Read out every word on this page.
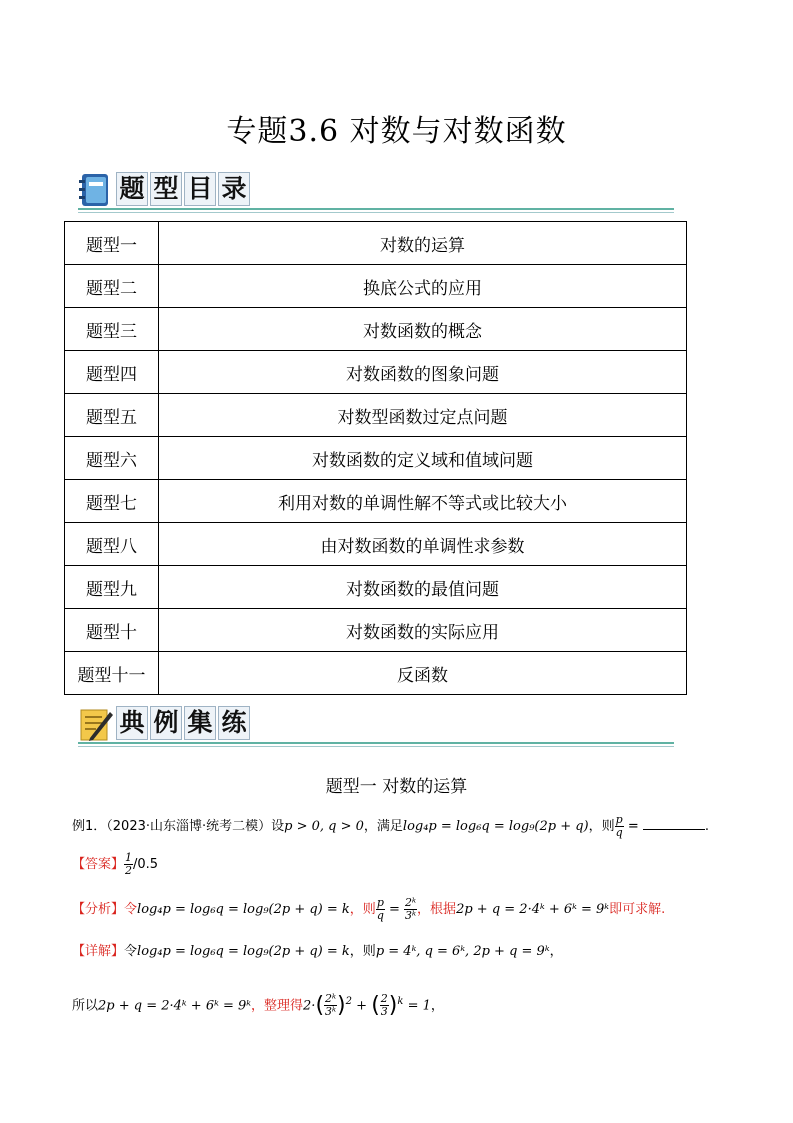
专题3.6 对数与对数函数
题 型 目 录
题型一	对数的运算
题型二	换底公式的应用
题型三	对数函数的概念
题型四	对数函数的图象问题
题型五	对数型函数过定点问题
题型六	对数函数的定义域和值域问题
题型七	利用对数的单调性解不等式或比较大小
题型八	由对数函数的单调性求参数
题型九	对数函数的最值问题
题型十	对数函数的实际应用
题型十一	反函数
典 例 集 练
题型一 对数的运算
例1．（2023·山东淄博·统考二模）设p > 0, q > 0，满足log₄p = log₆q = log₉(2p + q)，则 $\frac{p}{q}$ =	.
【答案】 $\frac{1}{2} /0.5$
【分析】令log₄p = log₆q = log₉(2p + q) = k，则 $\frac{p}{q} = \frac{\text{2ᵏ}}{\text{3ᵏ}}$ ，根据2p + q = 2·4ᵏ + 6ᵏ = 9ᵏ即可求解.
【详解】令log₄p = log₆q = log₉(2p + q) = k，则p = 4ᵏ, q = 6ᵏ, 2p + q = 9ᵏ，
所以2p + q = 2·4ᵏ + 6ᵏ = 9ᵏ，整理得$2\cdot( \frac{\text{2ᵏ}}{\text{3ᵏ}} )^2$ + ( $\frac{2}{3} )^k = 1$，
